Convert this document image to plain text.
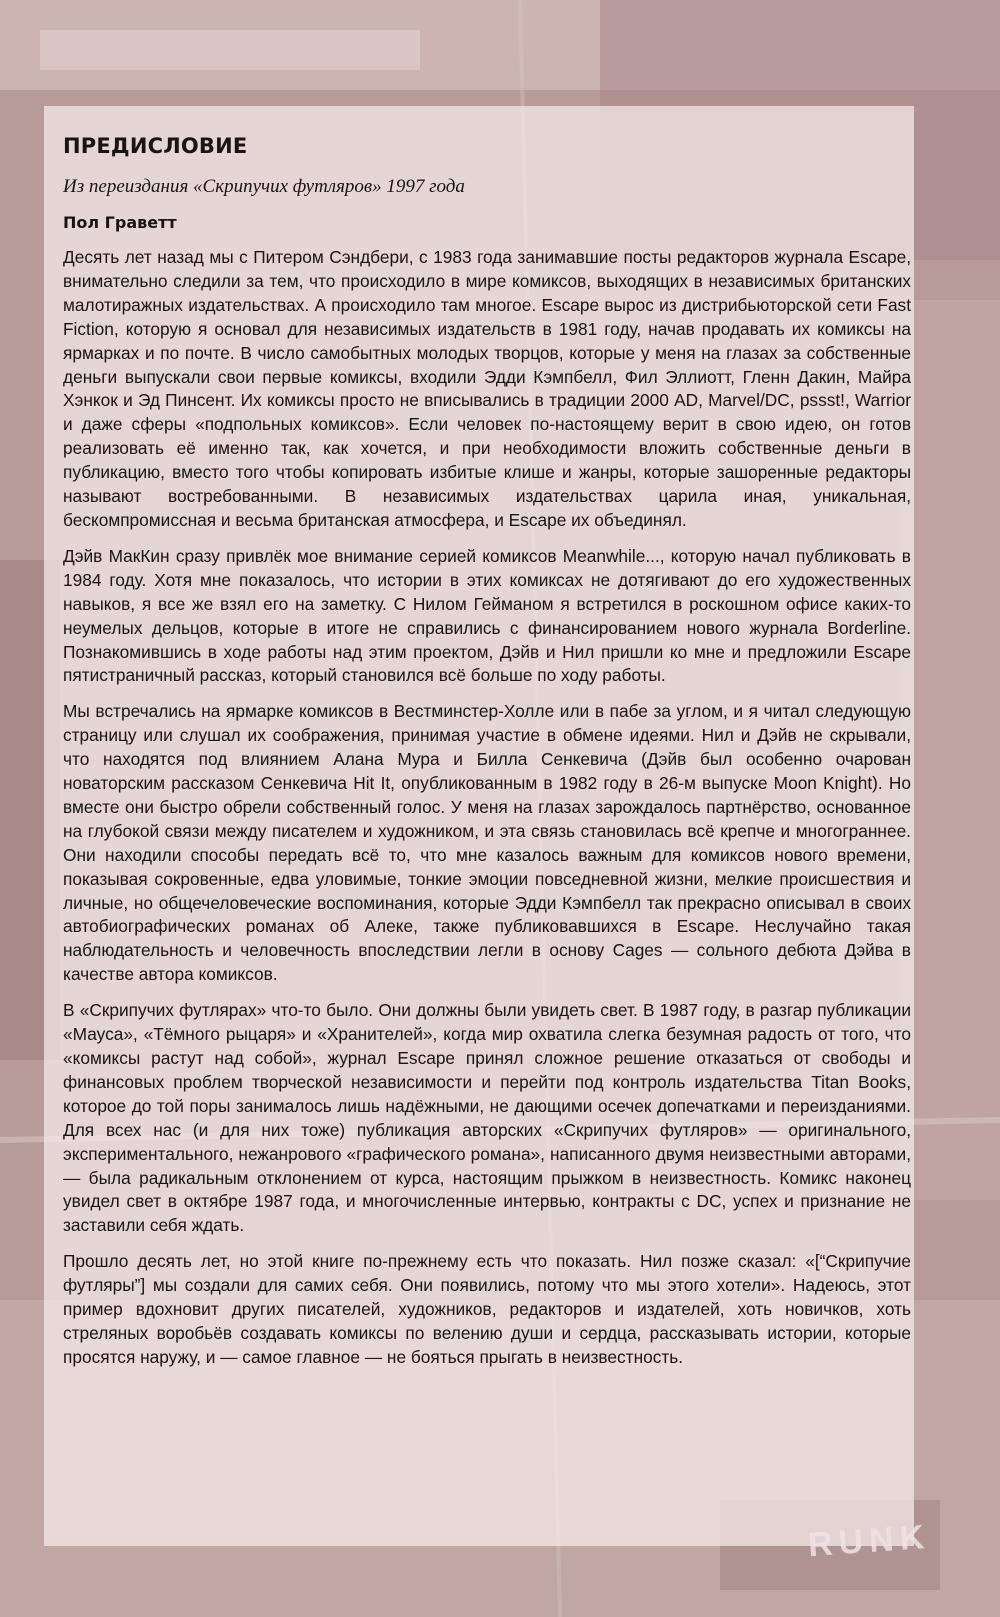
ПРЕДИСЛОВИЕ
Из переиздания «Скрипучих футляров» 1997 года
Пол Граветт

Десять лет назад мы с Питером Сэндбери, с 1983 года занимавшие посты редакторов журнала Escape, внимательно следили за тем, что происходило в мире комиксов, выходящих в независимых британских малотиражных издательствах. А происходило там многое. Escape вырос из дистрибьюторской сети Fast Fiction, которую я основал для независимых издательств в 1981 году, начав продавать их комиксы на ярмарках и по почте. В число самобытных молодых творцов, которые у меня на глазах за собственные деньги выпускали свои первые комиксы, входили Эдди Кэмпбелл, Фил Эллиотт, Гленн Дакин, Майра Хэнкок и Эд Пинсент. Их комиксы просто не вписывались в традиции 2000 AD, Marvel/DC, pssst!, Warrior и даже сферы «подпольных комиксов». Если человек по-настоящему верит в свою идею, он готов реализовать её именно так, как хочется, и при необходимости вложить собственные деньги в публикацию, вместо того чтобы копировать избитые клише и жанры, которые зашоренные редакторы называют востребованными. В независимых издательствах царила иная, уникальная, бескомпромиссная и весьма британская атмосфера, и Escape их объединял.

Дэйв МакКин сразу привлёк мое внимание серией комиксов Meanwhile..., которую начал публиковать в 1984 году. Хотя мне показалось, что истории в этих комиксах не дотягивают до его художественных навыков, я все же взял его на заметку. С Нилом Гейманом я встретился в роскошном офисе каких-то неумелых дельцов, которые в итоге не справились с финансированием нового журнала Borderline. Познакомившись в ходе работы над этим проектом, Дэйв и Нил пришли ко мне и предложили Escape пятистраничный рассказ, который становился всё больше по ходу работы.

Мы встречались на ярмарке комиксов в Вестминстер-Холле или в пабе за углом, и я читал следующую страницу или слушал их соображения, принимая участие в обмене идеями. Нил и Дэйв не скрывали, что находятся под влиянием Алана Мура и Билла Сенкевича (Дэйв был особенно очарован новаторским рассказом Сенкевича Hit It, опубликованным в 1982 году в 26-м выпуске Moon Knight). Но вместе они быстро обрели собственный голос. У меня на глазах зарождалось партнёрство, основанное на глубокой связи между писателем и художником, и эта связь становилась всё крепче и многограннее. Они находили способы передать всё то, что мне казалось важным для комиксов нового времени, показывая сокровенные, едва уловимые, тонкие эмоции повседневной жизни, мелкие происшествия и личные, но общечеловеческие воспоминания, которые Эдди Кэмпбелл так прекрасно описывал в своих автобиографических романах об Алеке, также публиковавшихся в Escape. Неслучайно такая наблюдательность и человечность впоследствии легли в основу Cages — сольного дебюта Дэйва в качестве автора комиксов.

В «Скрипучих футлярах» что-то было. Они должны были увидеть свет. В 1987 году, в разгар публикации «Мауса», «Тёмного рыцаря» и «Хранителей», когда мир охватила слегка безумная радость от того, что «комиксы растут над собой», журнал Escape принял сложное решение отказаться от свободы и финансовых проблем творческой независимости и перейти под контроль издательства Titan Books, которое до той поры занималось лишь надёжными, не дающими осечек допечатками и переизданиями. Для всех нас (и для них тоже) публикация авторских «Скрипучих футляров» — оригинального, экспериментального, нежанрового «графического романа», написанного двумя неизвестными авторами, — была радикальным отклонением от курса, настоящим прыжком в неизвестность. Комикс наконец увидел свет в октябре 1987 года, и многочисленные интервью, контракты с DC, успех и признание не заставили себя ждать.

Прошло десять лет, но этой книге по-прежнему есть что показать. Нил позже сказал: «[“Скрипучие футляры”] мы создали для самих себя. Они появились, потому что мы этого хотели». Надеюсь, этот пример вдохновит других писателей, художников, редакторов и издателей, хоть новичков, хоть стреляных воробьёв создавать комиксы по велению души и сердца, рассказывать истории, которые просятся наружу, и — самое главное — не бояться прыгать в неизвестность.

RUNK
